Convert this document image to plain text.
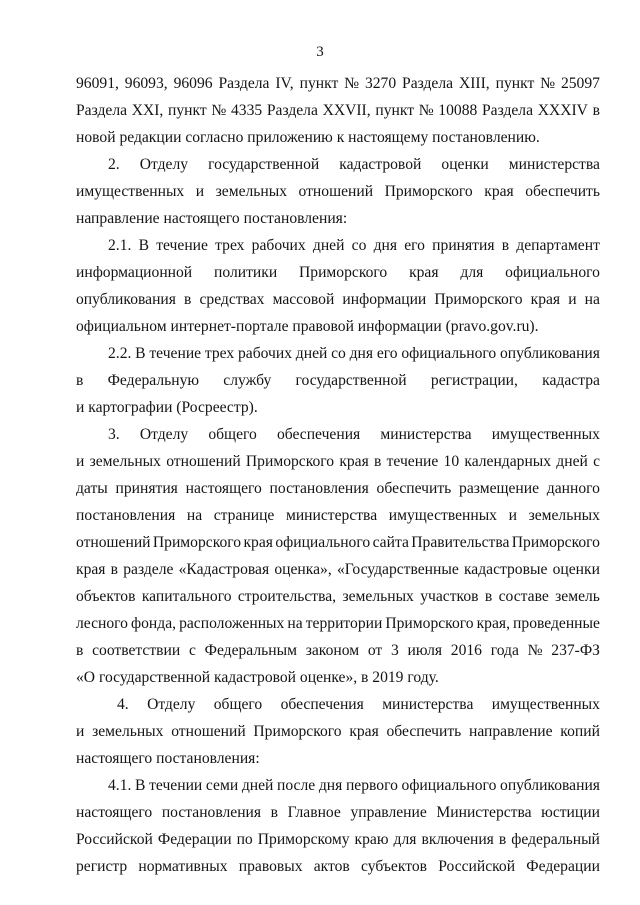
3
96091, 96093, 96096 Раздела IV, пункт № 3270 Раздела XIII, пункт № 25097
Раздела XXI, пункт № 4335 Раздела XXVII, пункт № 10088 Раздела XXXIV в
новой редакции согласно приложению к настоящему постановлению.
2. Отделу государственной кадастровой оценки министерства
имущественных и земельных отношений Приморского края обеспечить
направление настоящего постановления:
2.1. В течение трех рабочих дней со дня его принятия в департамент
информационной политики Приморского края для официального
опубликования в средствах массовой информации Приморского края и на
официальном интернет-портале правовой информации (pravo.gov.ru).
2.2. В течение трех рабочих дней со дня его официального опубликования
в Федеральную службу государственной регистрации, кадастра
и картографии (Росреестр).
3. Отделу общего обеспечения министерства имущественных
и земельных отношений Приморского края в течение 10 календарных дней с
даты принятия настоящего постановления обеспечить размещение данного
постановления на странице министерства имущественных и земельных
отношений Приморского края официального сайта Правительства Приморского
края в разделе «Кадастровая оценка», «Государственные кадастровые оценки
объектов капитального строительства, земельных участков в составе земель
лесного фонда, расположенных на территории Приморского края, проведенные
в соответствии с Федеральным законом от 3 июля 2016 года № 237-ФЗ
«О государственной кадастровой оценке», в 2019 году.
4. Отделу общего обеспечения министерства имущественных
и земельных отношений Приморского края обеспечить направление копий
настоящего постановления:
4.1. В течении семи дней после дня первого официального опубликования
настоящего постановления в Главное управление Министерства юстиции
Российской Федерации по Приморскому краю для включения в федеральный
регистр нормативных правовых актов субъектов Российской Федерации
